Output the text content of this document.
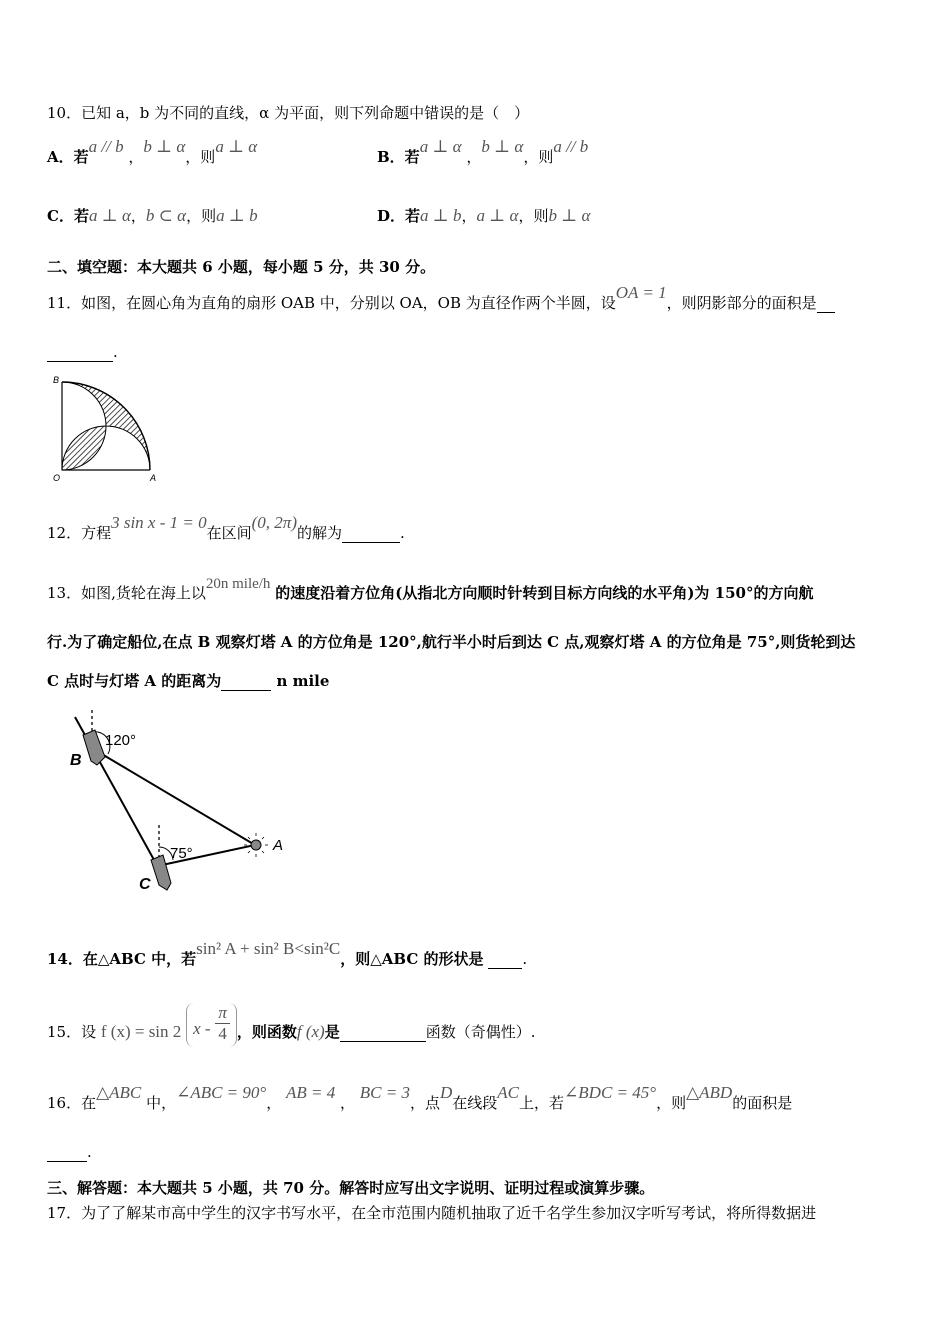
10．已知 a，b 为不同的直线，α 为平面，则下列命题中错误的是（　）
A．若a // b ，b ⊥ α，则a ⊥ α
B．若a ⊥ α ，b ⊥ α，则a // b
C．若a ⊥ α，b ⊂ α，则a ⊥ b	D．若a ⊥ b，a ⊥ α，则b ⊥ α
二、填空题：本大题共 6 小题，每小题 5 分，共 30 分。
11．如图，在圆心角为直角的扇形 OAB 中，分别以 OA，OB 为直径作两个半圆，设OA = 1，则阴影部分的面积是
.
B
O	A
12．方程3 sin x - 1 = 0在区间(0, 2π)的解为	.
13．如图,货轮在海上以20n mile/h 的速度沿着方位角(从指北方向顺时针转到目标方向线的水平角)为 150°的方向航
行.为了确定船位,在点 B 观察灯塔 A 的方位角是 120°,航行半小时后到达 C 点,观察灯塔 A 的方位角是 75°,则货轮到达
C 点时与灯塔 A 的距离为	n mile
120°
75°
B
C
A
14．在△ABC 中，若sin² A + sin² B<sin²C，则△ABC 的形状是	.
15．设 f (x) = sin 2 x - $\frac{\pi}{4}$ ，则函数f (x)是	函数（奇偶性）.
16．在△ABC 中，∠ABC = 90°， AB = 4 ， BC = 3，点D在线段AC上，若∠BDC = 45°，则△ABD的面积是
.
三、解答题：本大题共 5 小题，共 70 分。解答时应写出文字说明、证明过程或演算步骤。
17．为了了解某市高中学生的汉字书写水平，在全市范围内随机抽取了近千名学生参加汉字听写考试，将所得数据进
